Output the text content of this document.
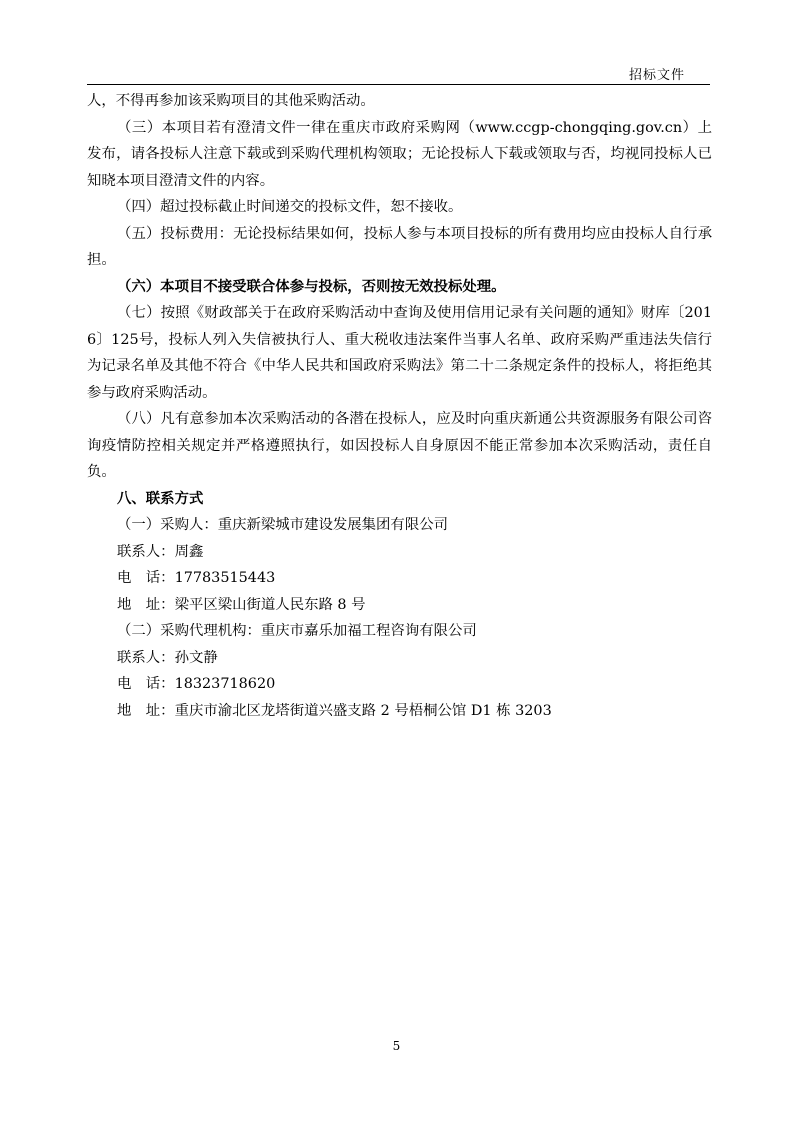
招标文件

人，不得再参加该采购项目的其他采购活动。

（三）本项目若有澄清文件一律在重庆市政府采购网（www.ccgp-chongqing.gov.cn）上发布，请各投标人注意下载或到采购代理机构领取；无论投标人下载或领取与否，均视同投标人已知晓本项目澄清文件的内容。

（四）超过投标截止时间递交的投标文件，恕不接收。

（五）投标费用：无论投标结果如何，投标人参与本项目投标的所有费用均应由投标人自行承担。

（六）本项目不接受联合体参与投标，否则按无效投标处理。

（七）按照《财政部关于在政府采购活动中查询及使用信用记录有关问题的通知》财库〔2016〕125号，投标人列入失信被执行人、重大税收违法案件当事人名单、政府采购严重违法失信行为记录名单及其他不符合《中华人民共和国政府采购法》第二十二条规定条件的投标人，将拒绝其参与政府采购活动。

（八）凡有意参加本次采购活动的各潜在投标人，应及时向重庆新通公共资源服务有限公司咨询疫情防控相关规定并严格遵照执行，如因投标人自身原因不能正常参加本次采购活动，责任自负。

八、联系方式

（一）采购人：重庆新梁城市建设发展集团有限公司

联系人：周鑫

电　话：17783515443

地　址：梁平区梁山街道人民东路 8 号

（二）采购代理机构：重庆市嘉乐加福工程咨询有限公司

联系人：孙文静

电　话：18323718620

地　址：重庆市渝北区龙塔街道兴盛支路 2 号梧桐公馆 D1 栋 3203

5
